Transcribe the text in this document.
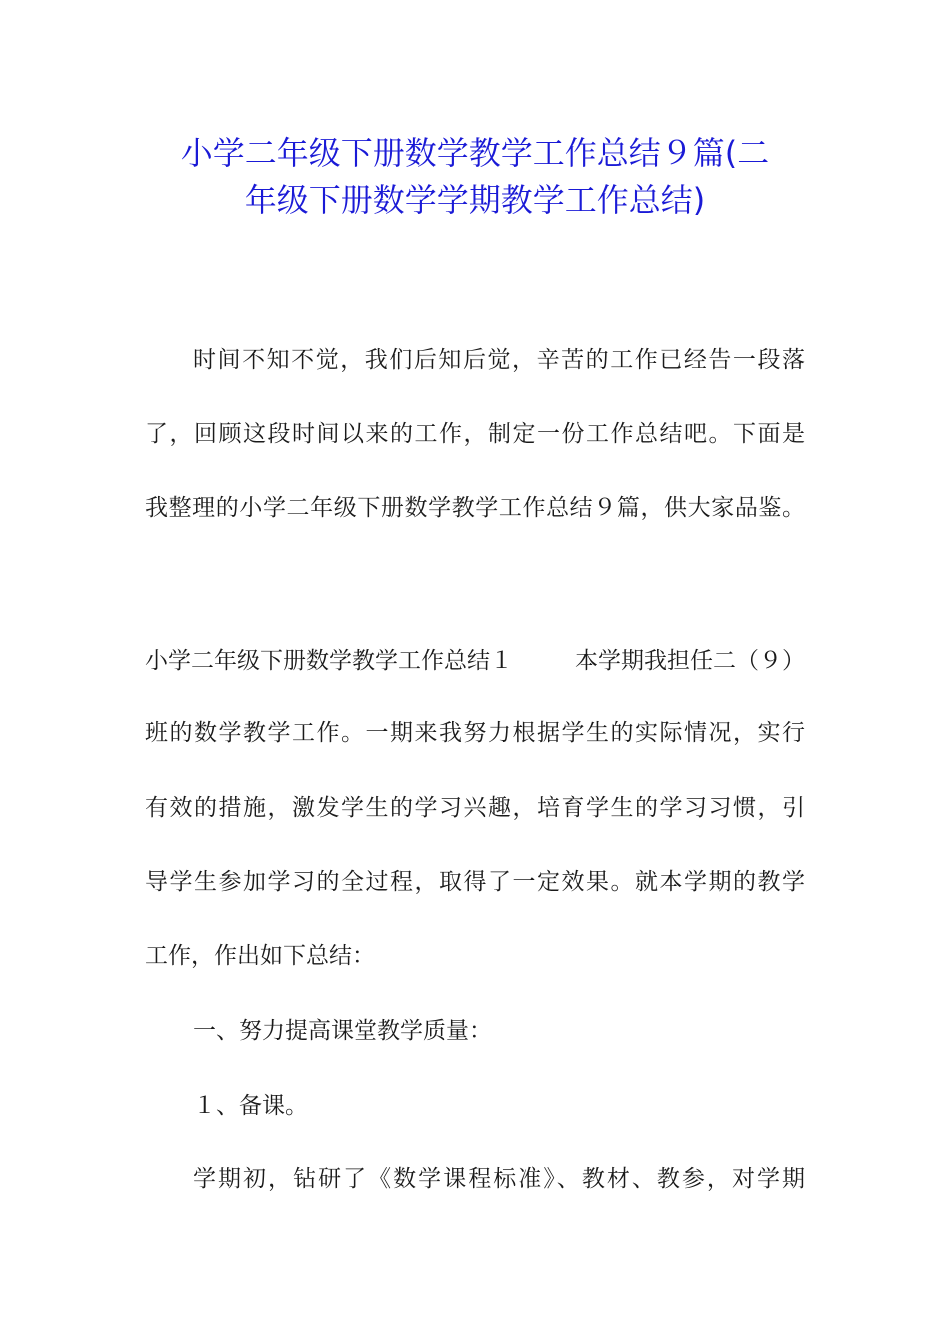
小学二年级下册数学教学工作总结９篇(二
年级下册数学学期教学工作总结)
时间不知不觉，我们后知后觉，辛苦的工作已经告一段落
了，回顾这段时间以来的工作，制定一份工作总结吧。下面是
我整理的小学二年级下册数学教学工作总结９篇，供大家品鉴。
小学二年级下册数学教学工作总结１	本学期我担任二（９）
班的数学教学工作。一期来我努力根据学生的实际情况，实行
有效的措施，激发学生的学习兴趣，培育学生的学习习惯，引
导学生参加学习的全过程，取得了一定效果。就本学期的教学
工作，作出如下总结：
一、努力提高课堂教学质量：
１、备课。
学期初，钻研了《数学课程标准》、教材、教参，对学期
